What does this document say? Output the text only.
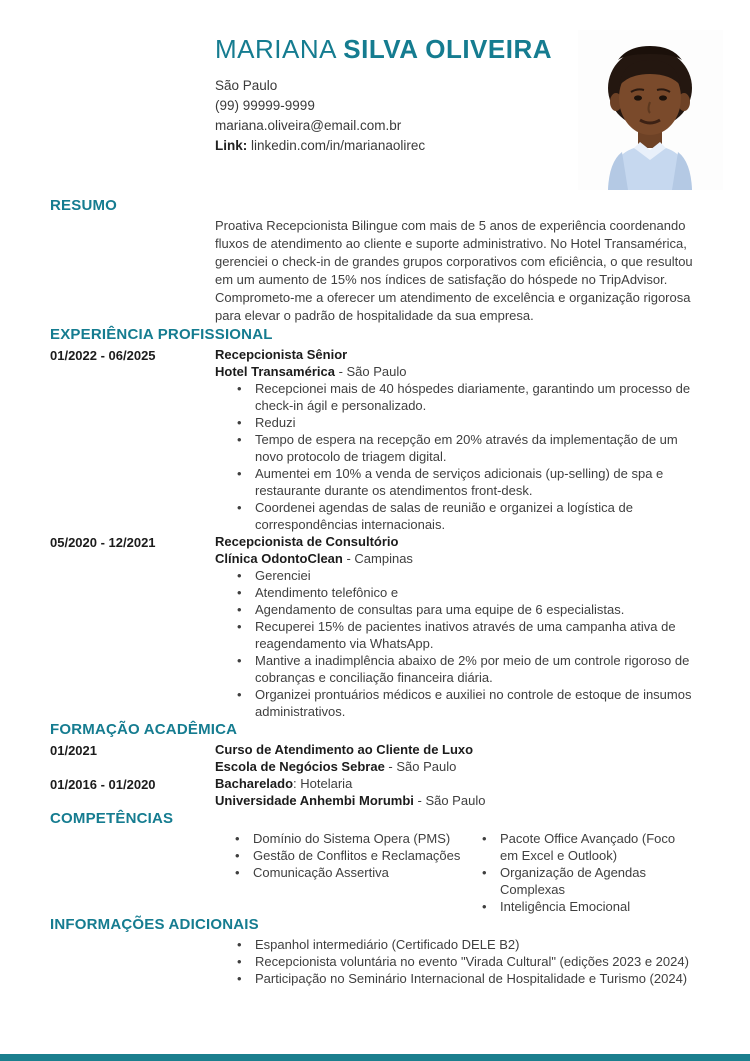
MARIANA SILVA OLIVEIRA
São Paulo
(99) 99999-9999
mariana.oliveira@email.com.br
Link: linkedin.com/in/marianaolirec
RESUMO

Proativa Recepcionista Bilingue com mais de 5 anos de experiência coordenando fluxos de atendimento ao cliente e suporte administrativo. No Hotel Transamérica, gerenciei o check-in de grandes grupos corporativos com eficiência, o que resultou em um aumento de 15% nos índices de satisfação do hóspede no TripAdvisor. Comprometo-me a oferecer um atendimento de excelência e organização rigorosa para elevar o padrão de hospitalidade da sua empresa.

EXPERIÊNCIA PROFISSIONAL
01/2022 - 06/2025	Recepcionista Sênior
Hotel Transamérica - São Paulo
• Recepcionei mais de 40 hóspedes diariamente, garantindo um processo de check-in ágil e personalizado.
• Reduzi
• Tempo de espera na recepção em 20% através da implementação de um novo protocolo de triagem digital.
• Aumentei em 10% a venda de serviços adicionais (up-selling) de spa e restaurante durante os atendimentos front-desk.
• Coordenei agendas de salas de reunião e organizei a logística de correspondências internacionais.
05/2020 - 12/2021	Recepcionista de Consultório
Clínica OdontoClean - Campinas
• Gerenciei
• Atendimento telefônico e
• Agendamento de consultas para uma equipe de 6 especialistas.
• Recuperei 15% de pacientes inativos através de uma campanha ativa de reagendamento via WhatsApp.
• Mantive a inadimplência abaixo de 2% por meio de um controle rigoroso de cobranças e conciliação financeira diária.
• Organizei prontuários médicos e auxiliei no controle de estoque de insumos administrativos.
FORMAÇÃO ACADÊMICA
01/2021	Curso de Atendimento ao Cliente de Luxo
Escola de Negócios Sebrae - São Paulo
01/2016 - 01/2020	Bacharelado: Hotelaria
Universidade Anhembi Morumbi - São Paulo
COMPETÊNCIAS
• Domínio do Sistema Opera (PMS)
• Gestão de Conflitos e Reclamações
• Comunicação Assertiva
• Pacote Office Avançado (Foco em Excel e Outlook)
• Organização de Agendas Complexas
• Inteligência Emocional
INFORMAÇÕES ADICIONAIS
• Espanhol intermediário (Certificado DELE B2)
• Recepcionista voluntária no evento "Virada Cultural" (edições 2023 e 2024)
• Participação no Seminário Internacional de Hospitalidade e Turismo (2024)
